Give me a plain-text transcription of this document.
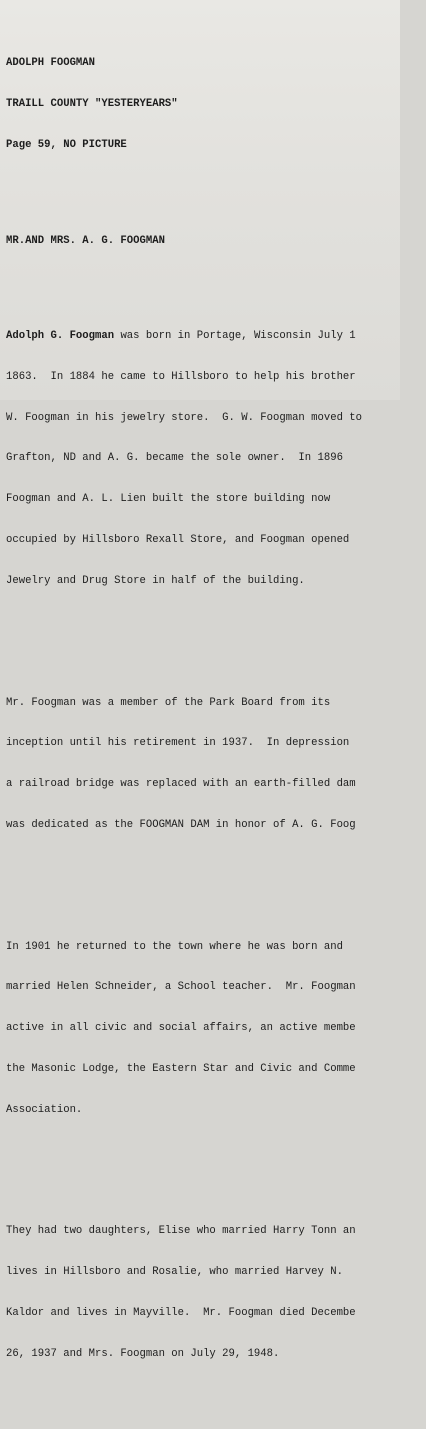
ADOLPH FOOGMAN

TRAILL COUNTY "YESTERYEARS"

Page 59, NO PICTURE

MR.AND MRS. A. G. FOOGMAN

Adolph G. Foogman was born in Portage, Wisconsin July 1

1863.  In 1884 he came to Hillsboro to help his brother

W. Foogman in his jewelry store.  G. W. Foogman moved to

Grafton, ND and A. G. became the sole owner.  In 1896

Foogman and A. L. Lien built the store building now

occupied by Hillsboro Rexall Store, and Foogman opened

Jewelry and Drug Store in half of the building.

Mr. Foogman was a member of the Park Board from its

inception until his retirement in 1937.  In depression

a railroad bridge was replaced with an earth-filled dam

was dedicated as the FOOGMAN DAM in honor of A. G. Foog

In 1901 he returned to the town where he was born and

married Helen Schneider, a School teacher.  Mr. Foogman

active in all civic and social affairs, an active membe

the Masonic Lodge, the Eastern Star and Civic and Comme

Association.

They had two daughters, Elise who married Harry Tonn an

lives in Hillsboro and Rosalie, who married Harvey N.

Kaldor and lives in Mayville.  Mr. Foogman died Decembe

26, 1937 and Mrs. Foogman on July 29, 1948.
